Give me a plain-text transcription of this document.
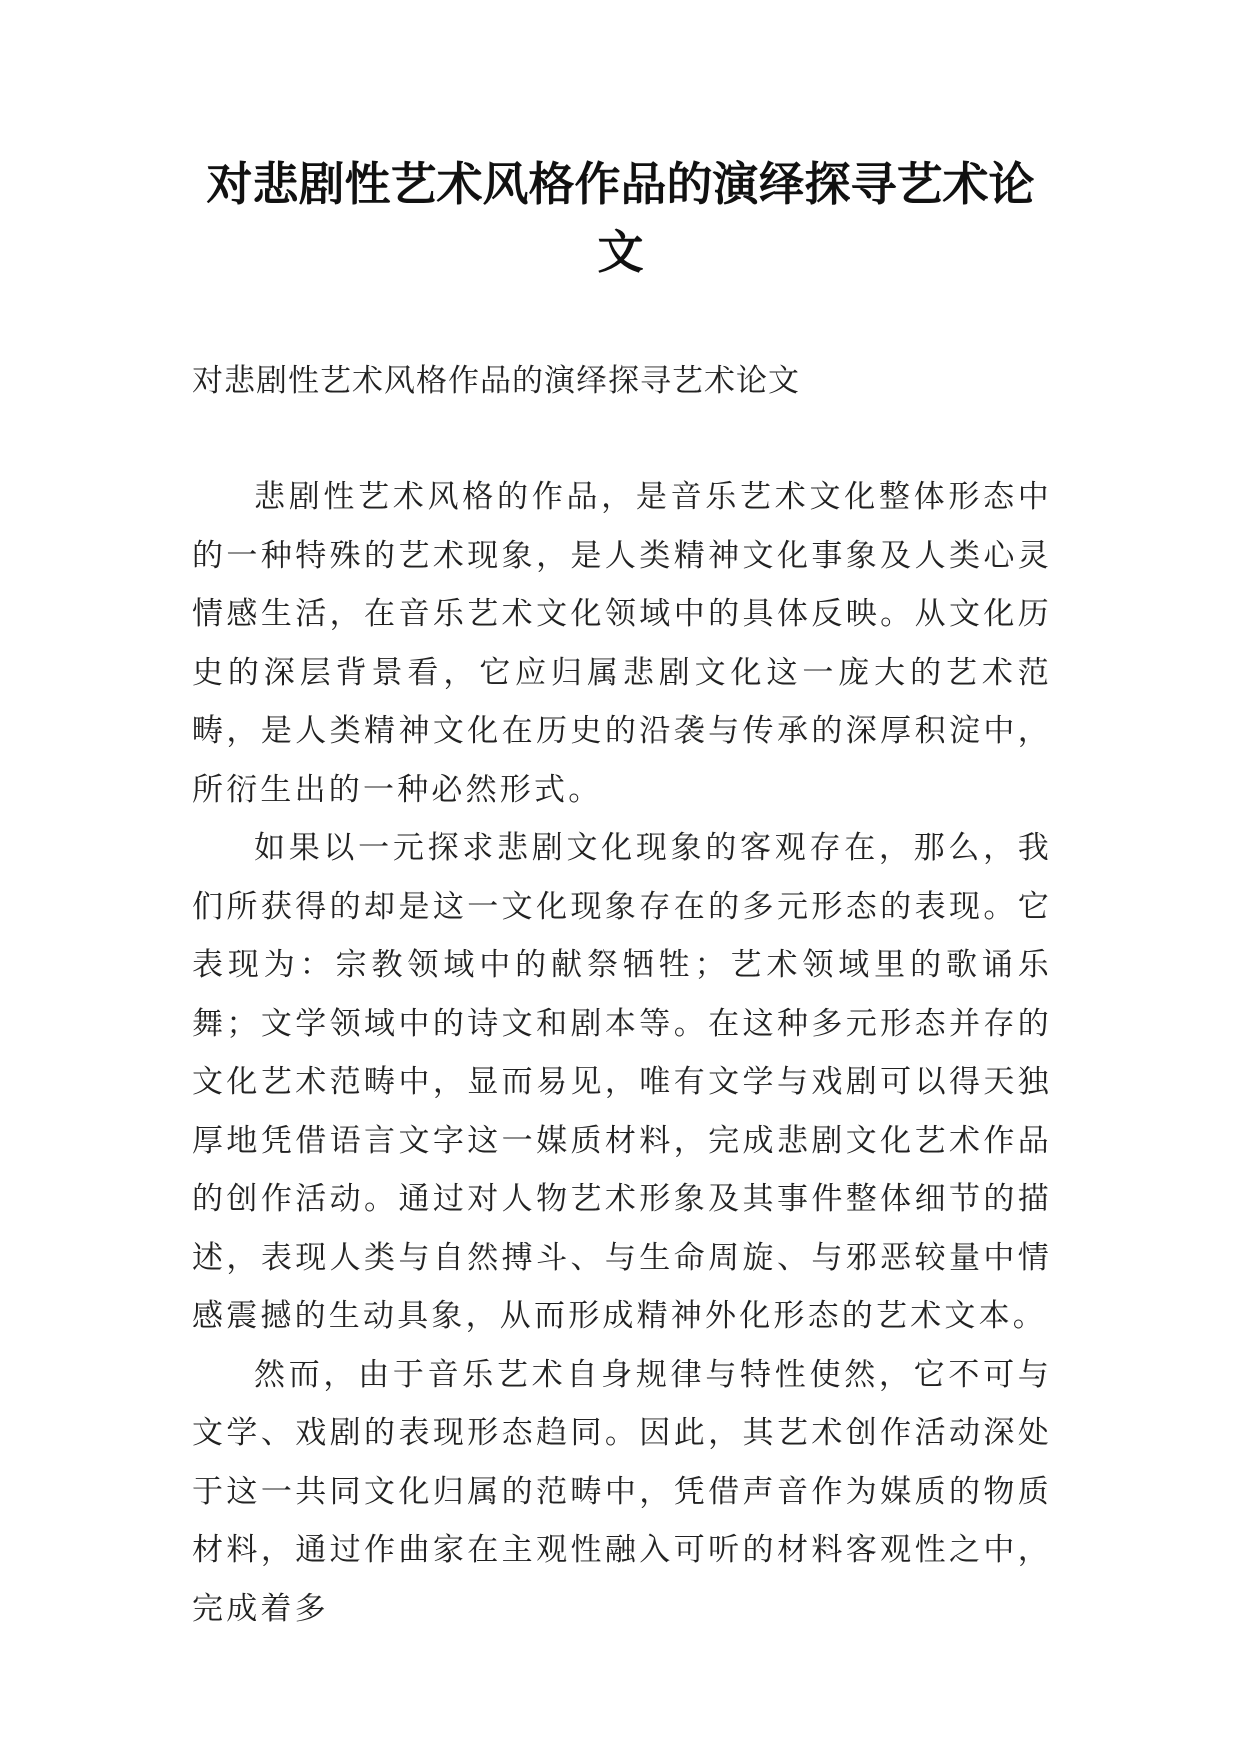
对悲剧性艺术风格作品的演绎探寻艺术论文
对悲剧性艺术风格作品的演绎探寻艺术论文

悲剧性艺术风格的作品，是音乐艺术文化整体形态中的一种特殊的艺术现象，是人类精神文化事象及人类心灵情感生活，在音乐艺术文化领域中的具体反映。从文化历史的深层背景看，它应归属悲剧文化这一庞大的艺术范畴，是人类精神文化在历史的沿袭与传承的深厚积淀中，所衍生出的一种必然形式。

如果以一元探求悲剧文化现象的客观存在，那么，我们所获得的却是这一文化现象存在的多元形态的表现。它表现为：宗教领域中的献祭牺牲；艺术领域里的歌诵乐舞；文学领域中的诗文和剧本等。在这种多元形态并存的文化艺术范畴中，显而易见，唯有文学与戏剧可以得天独厚地凭借语言文字这一媒质材料，完成悲剧文化艺术作品的创作活动。通过对人物艺术形象及其事件整体细节的描述，表现人类与自然搏斗、与生命周旋、与邪恶较量中情感震撼的生动具象，从而形成精神外化形态的艺术文本。

然而，由于音乐艺术自身规律与特性使然，它不可与文学、戏剧的表现形态趋同。因此，其艺术创作活动深处于这一共同文化归属的范畴中，凭借声音作为媒质的物质材料，通过作曲家在主观性融入可听的材料客观性之中，完成着多
